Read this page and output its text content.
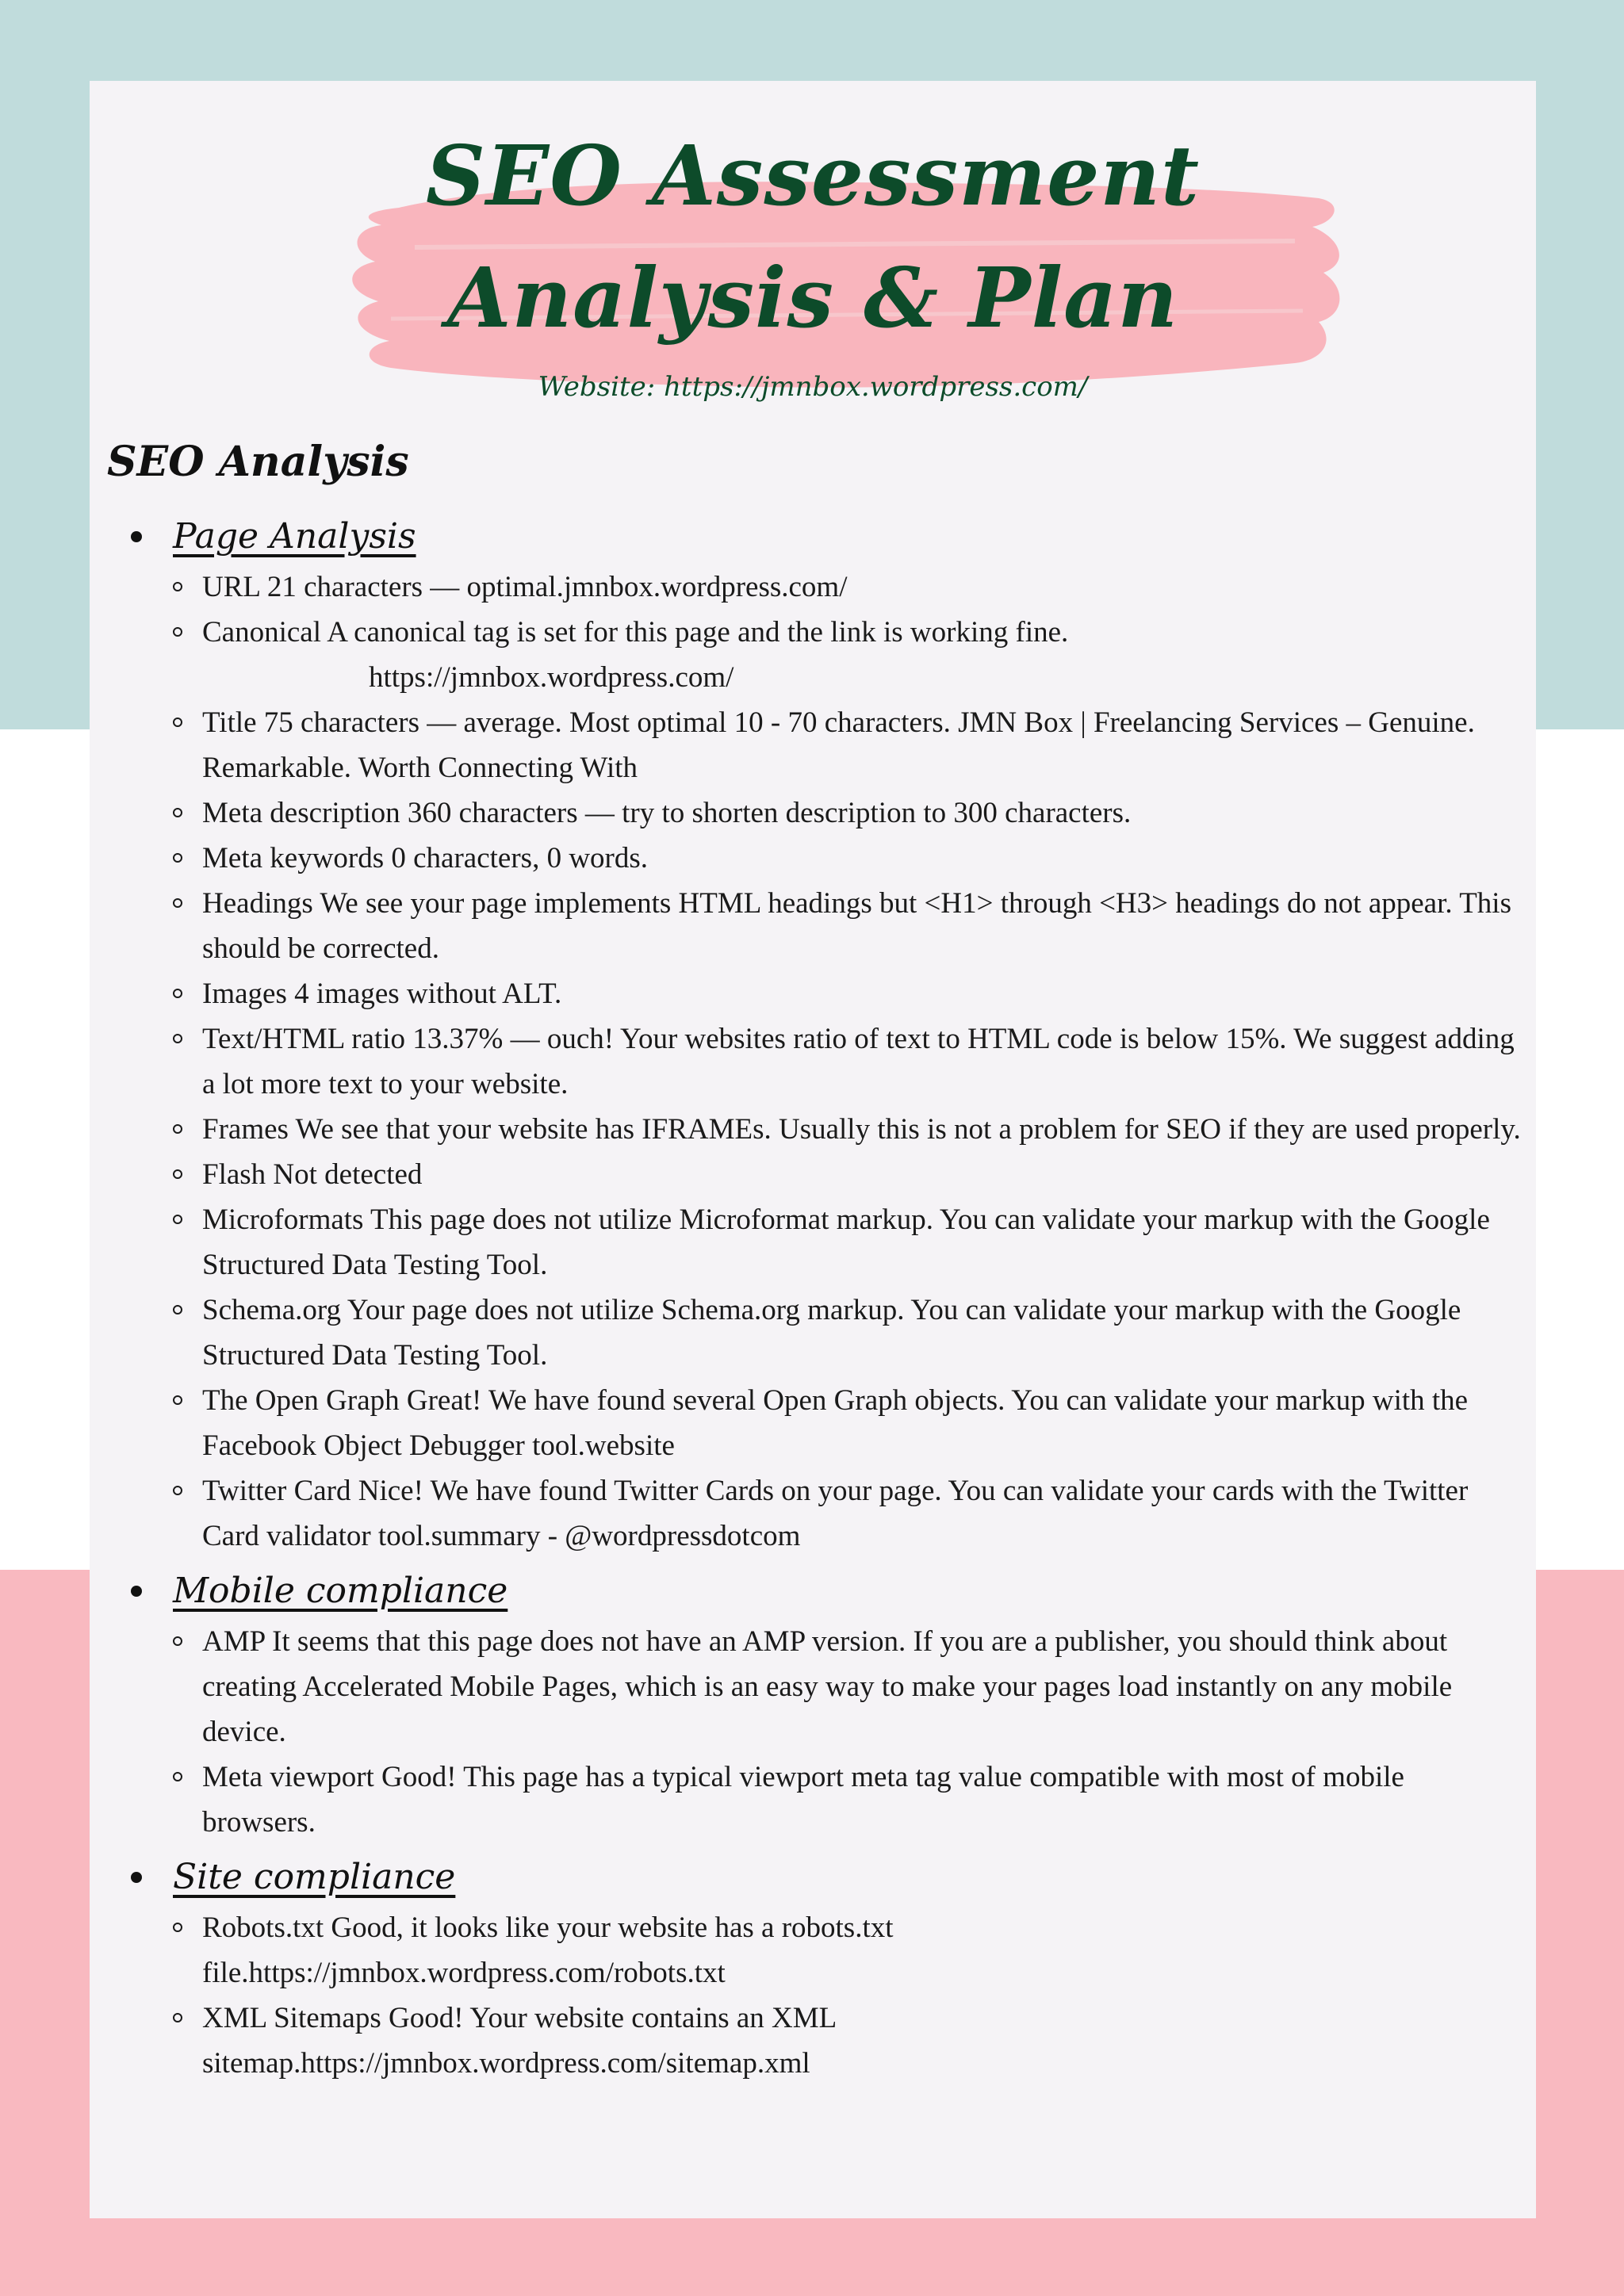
SEO Assessment
Analysis & Plan
Website: https://jmnbox.wordpress.com/
SEO Analysis
Page Analysis
URL 21 characters — optimal.jmnbox.wordpress.com/
Canonical A canonical tag is set for this page and the link is working fine.
https://jmnbox.wordpress.com/
Title 75 characters — average. Most optimal 10 - 70 characters. JMN Box | Freelancing Services – Genuine. Remarkable. Worth Connecting With
Meta description 360 characters — try to shorten description to 300 characters.
Meta keywords 0 characters, 0 words.
Headings We see your page implements HTML headings but <H1> through <H3> headings do not appear. This should be corrected.
Images 4 images without ALT.
Text/HTML ratio 13.37% — ouch! Your websites ratio of text to HTML code is below 15%. We suggest adding a lot more text to your website.
Frames We see that your website has IFRAMEs. Usually this is not a problem for SEO if they are used properly.
Flash Not detected
Microformats This page does not utilize Microformat markup. You can validate your markup with the Google Structured Data Testing Tool.
Schema.org Your page does not utilize Schema.org markup. You can validate your markup with the Google Structured Data Testing Tool.
The Open Graph Great! We have found several Open Graph objects. You can validate your markup with the Facebook Object Debugger tool.website
Twitter Card Nice! We have found Twitter Cards on your page. You can validate your cards with the Twitter Card validator tool.summary - @wordpressdotcom
Mobile compliance
AMP It seems that this page does not have an AMP version. If you are a publisher, you should think about creating Accelerated Mobile Pages, which is an easy way to make your pages load instantly on any mobile device.
Meta viewport Good! This page has a typical viewport meta tag value compatible with most of mobile browsers.
Site compliance
Robots.txt Good, it looks like your website has a robots.txt file.https://jmnbox.wordpress.com/robots.txt
XML Sitemaps Good! Your website contains an XML sitemap.https://jmnbox.wordpress.com/sitemap.xml
